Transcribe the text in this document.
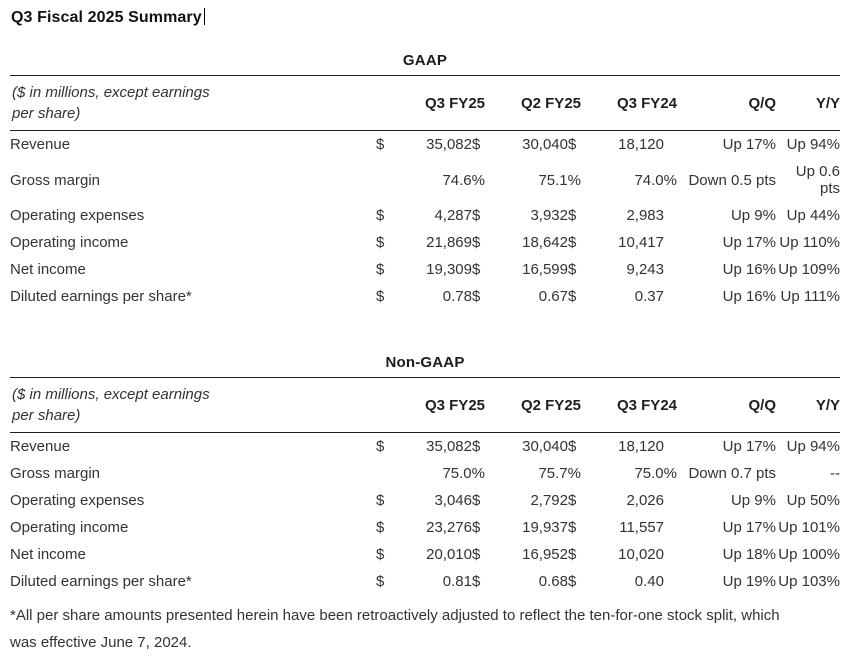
Q3 Fiscal 2025 Summary
GAAP
($ in millions, except earnings
per share)	Q3 FY25	Q2 FY25	Q3 FY24	Q/Q	Y/Y
Revenue	$	35,082	$	30,040	$	18,120	Up 17%	Up 94%
Gross margin		74.6%		75.1%		74.0%	Down 0.5 pts	Up 0.6 pts
Operating expenses	$	4,287	$	3,932	$	2,983	Up 9%	Up 44%
Operating income	$	21,869	$	18,642	$	10,417	Up 17%	Up 110%
Net income	$	19,309	$	16,599	$	9,243	Up 16%	Up 109%
Diluted earnings per share*	$	0.78	$	0.67	$	0.37	Up 16%	Up 111%
Non-GAAP
($ in millions, except earnings
per share)	Q3 FY25	Q2 FY25	Q3 FY24	Q/Q	Y/Y
Revenue	$	35,082	$	30,040	$	18,120	Up 17%	Up 94%
Gross margin		75.0%		75.7%		75.0%	Down 0.7 pts	--
Operating expenses	$	3,046	$	2,792	$	2,026	Up 9%	Up 50%
Operating income	$	23,276	$	19,937	$	11,557	Up 17%	Up 101%
Net income	$	20,010	$	16,952	$	10,020	Up 18%	Up 100%
Diluted earnings per share*	$	0.81	$	0.68	$	0.40	Up 19%	Up 103%
*All per share amounts presented herein have been retroactively adjusted to reflect the ten-for-one stock split, which
was effective June 7, 2024.
